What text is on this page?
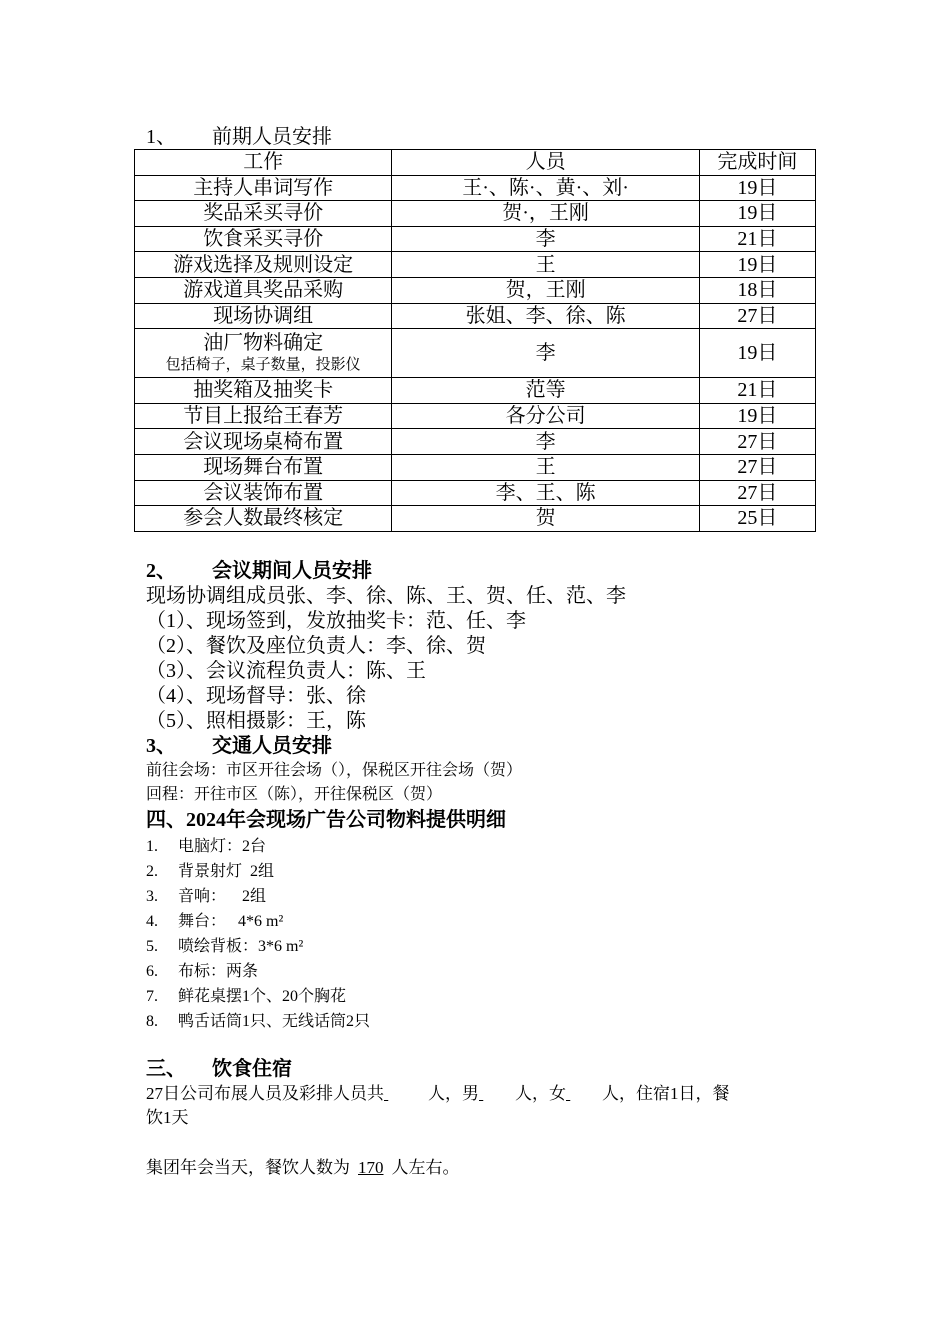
1、 前期人员安排
工作	人员	完成时间
主持人串词写作	王·、陈·、黄·、刘·	19日
奖品采买寻价	贺·，王刚	19日
饮食采买寻价	李	21日
游戏选择及规则设定	王	19日
游戏道具奖品采购	贺，王刚	18日
现场协调组	张姐、李、徐、陈	27日

油厂物料确定
包括椅子，桌子数量，投影仪	李	19日
抽奖箱及抽奖卡	范等	21日
节目上报给王春芳	各分公司	19日
会议现场桌椅布置	李	27日
现场舞台布置	王	27日
会议装饰布置	李、王、陈	27日
参会人数最终核定	贺	25日
2、 会议期间人员安排
现场协调组成员张、李、徐、陈、王、贺、任、范、李
（1）、现场签到，发放抽奖卡：范、任、李
（2）、餐饮及座位负责人：李、徐、贺
（3）、会议流程负责人：陈、王
（4）、现场督导：张、徐
（5）、照相摄影：王，陈
3、 交通人员安排
前往会场：市区开往会场（），保税区开往会场（贺）
回程：开往市区（陈），开往保税区（贺）
四、2024年会现场广告公司物料提供明细
1. 电脑灯：2台
2. 背景射灯  2组
3. 音响：    2组
4. 舞台：   4*6 m²
5. 喷绘背板：3*6 m²
6. 布标：两条
7. 鲜花桌摆1个、20个胸花
8. 鸭舌话筒1只、无线话筒2只
三、 饮食住宿
27日公司布展人员及彩排人员共	人，男 人，女 人，住宿1日，餐
饮1天
集团年会当天，餐饮人数为 170 人左右。
